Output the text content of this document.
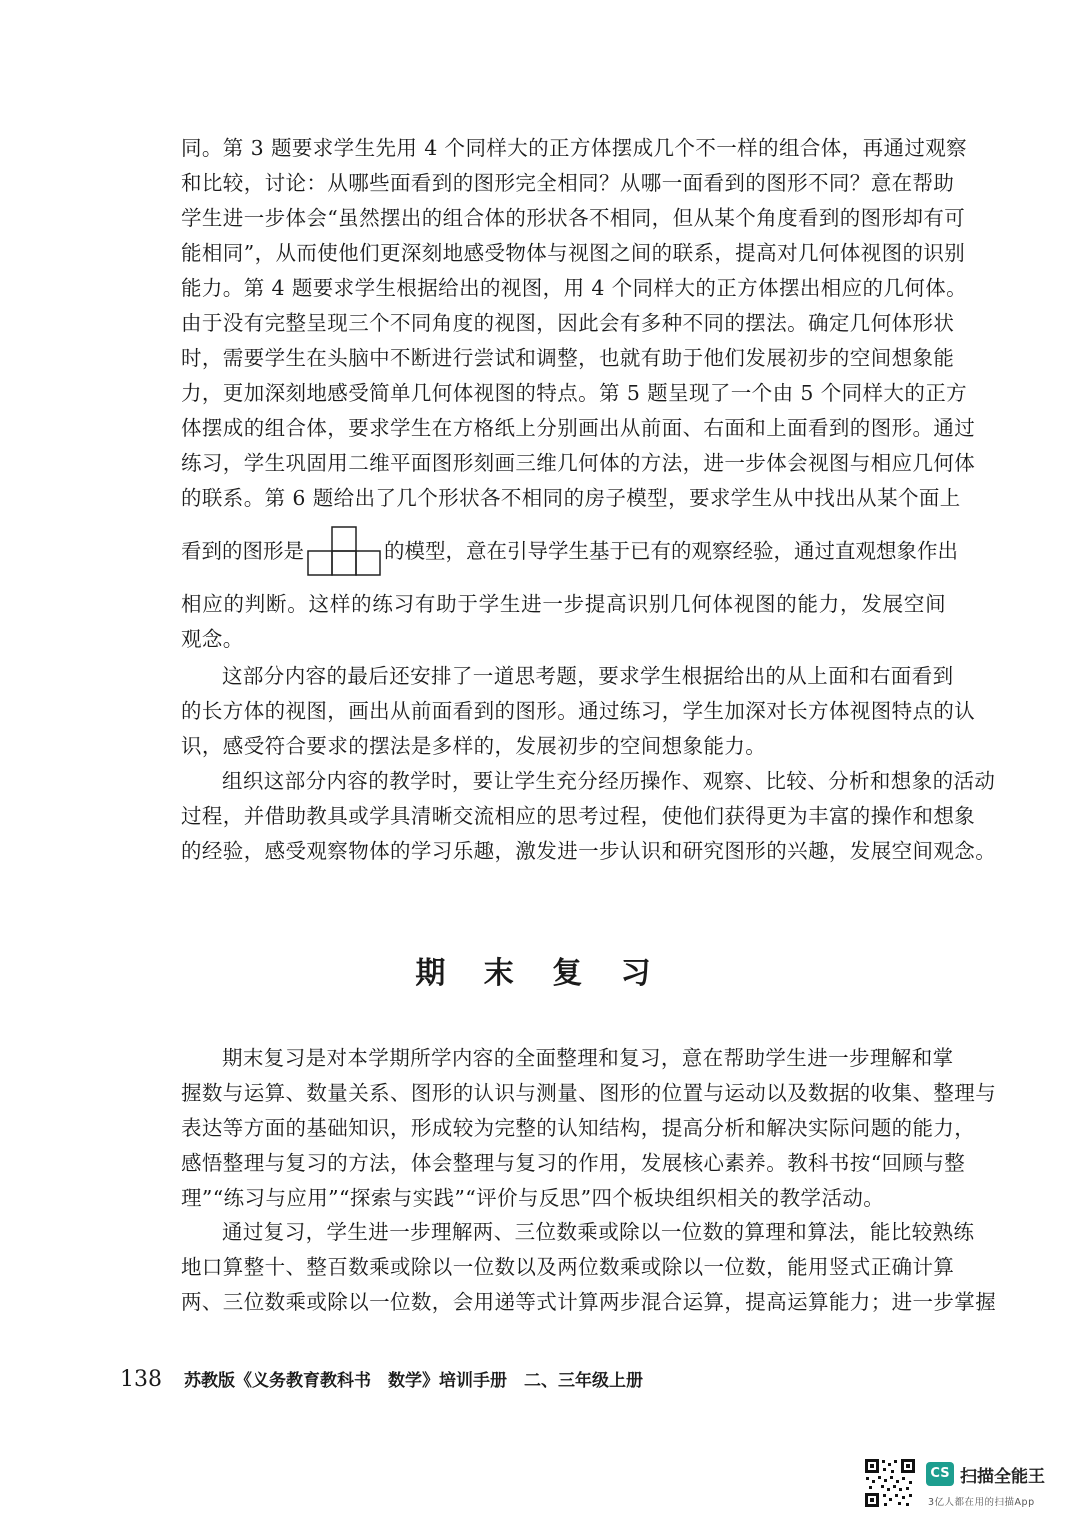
同。第 3 题要求学生先用 4 个同样大的正方体摆成几个不一样的组合体，再通过观察
和比较，讨论：从哪些面看到的图形完全相同？从哪一面看到的图形不同？意在帮助
学生进一步体会“虽然摆出的组合体的形状各不相同，但从某个角度看到的图形却有可
能相同”，从而使他们更深刻地感受物体与视图之间的联系，提高对几何体视图的识别
能力。第 4 题要求学生根据给出的视图，用 4 个同样大的正方体摆出相应的几何体。
由于没有完整呈现三个不同角度的视图，因此会有多种不同的摆法。确定几何体形状
时，需要学生在头脑中不断进行尝试和调整，也就有助于他们发展初步的空间想象能
力，更加深刻地感受简单几何体视图的特点。第 5 题呈现了一个由 5 个同样大的正方
体摆成的组合体，要求学生在方格纸上分别画出从前面、右面和上面看到的图形。通过
练习，学生巩固用二维平面图形刻画三维几何体的方法，进一步体会视图与相应几何体
的联系。第 6 题给出了几个形状各不相同的房子模型，要求学生从中找出从某个面上
看到的图形是	的模型，意在引导学生基于已有的观察经验，通过直观想象作出
相应的判断。这样的练习有助于学生进一步提高识别几何体视图的能力，发展空间
观念。
这部分内容的最后还安排了一道思考题，要求学生根据给出的从上面和右面看到
的长方体的视图，画出从前面看到的图形。通过练习，学生加深对长方体视图特点的认
识，感受符合要求的摆法是多样的，发展初步的空间想象能力。
组织这部分内容的教学时，要让学生充分经历操作、观察、比较、分析和想象的活动
过程，并借助教具或学具清晰交流相应的思考过程，使他们获得更为丰富的操作和想象
的经验，感受观察物体的学习乐趣，激发进一步认识和研究图形的兴趣，发展空间观念。
期 末 复 习
期末复习是对本学期所学内容的全面整理和复习，意在帮助学生进一步理解和掌
握数与运算、数量关系、图形的认识与测量、图形的位置与运动以及数据的收集、整理与
表达等方面的基础知识，形成较为完整的认知结构，提高分析和解决实际问题的能力，
感悟整理与复习的方法，体会整理与复习的作用，发展核心素养。教科书按“回顾与整
理”“练习与应用”“探索与实践”“评价与反思”四个板块组织相关的教学活动。
通过复习，学生进一步理解两、三位数乘或除以一位数的算理和算法，能比较熟练
地口算整十、整百数乘或除以一位数以及两位数乘或除以一位数，能用竖式正确计算
两、三位数乘或除以一位数，会用递等式计算两步混合运算，提高运算能力；进一步掌握
138 苏教版《义务教育教科书　数学》培训手册　二、三年级上册
CS 扫描全能王
3亿人都在用的扫描App
